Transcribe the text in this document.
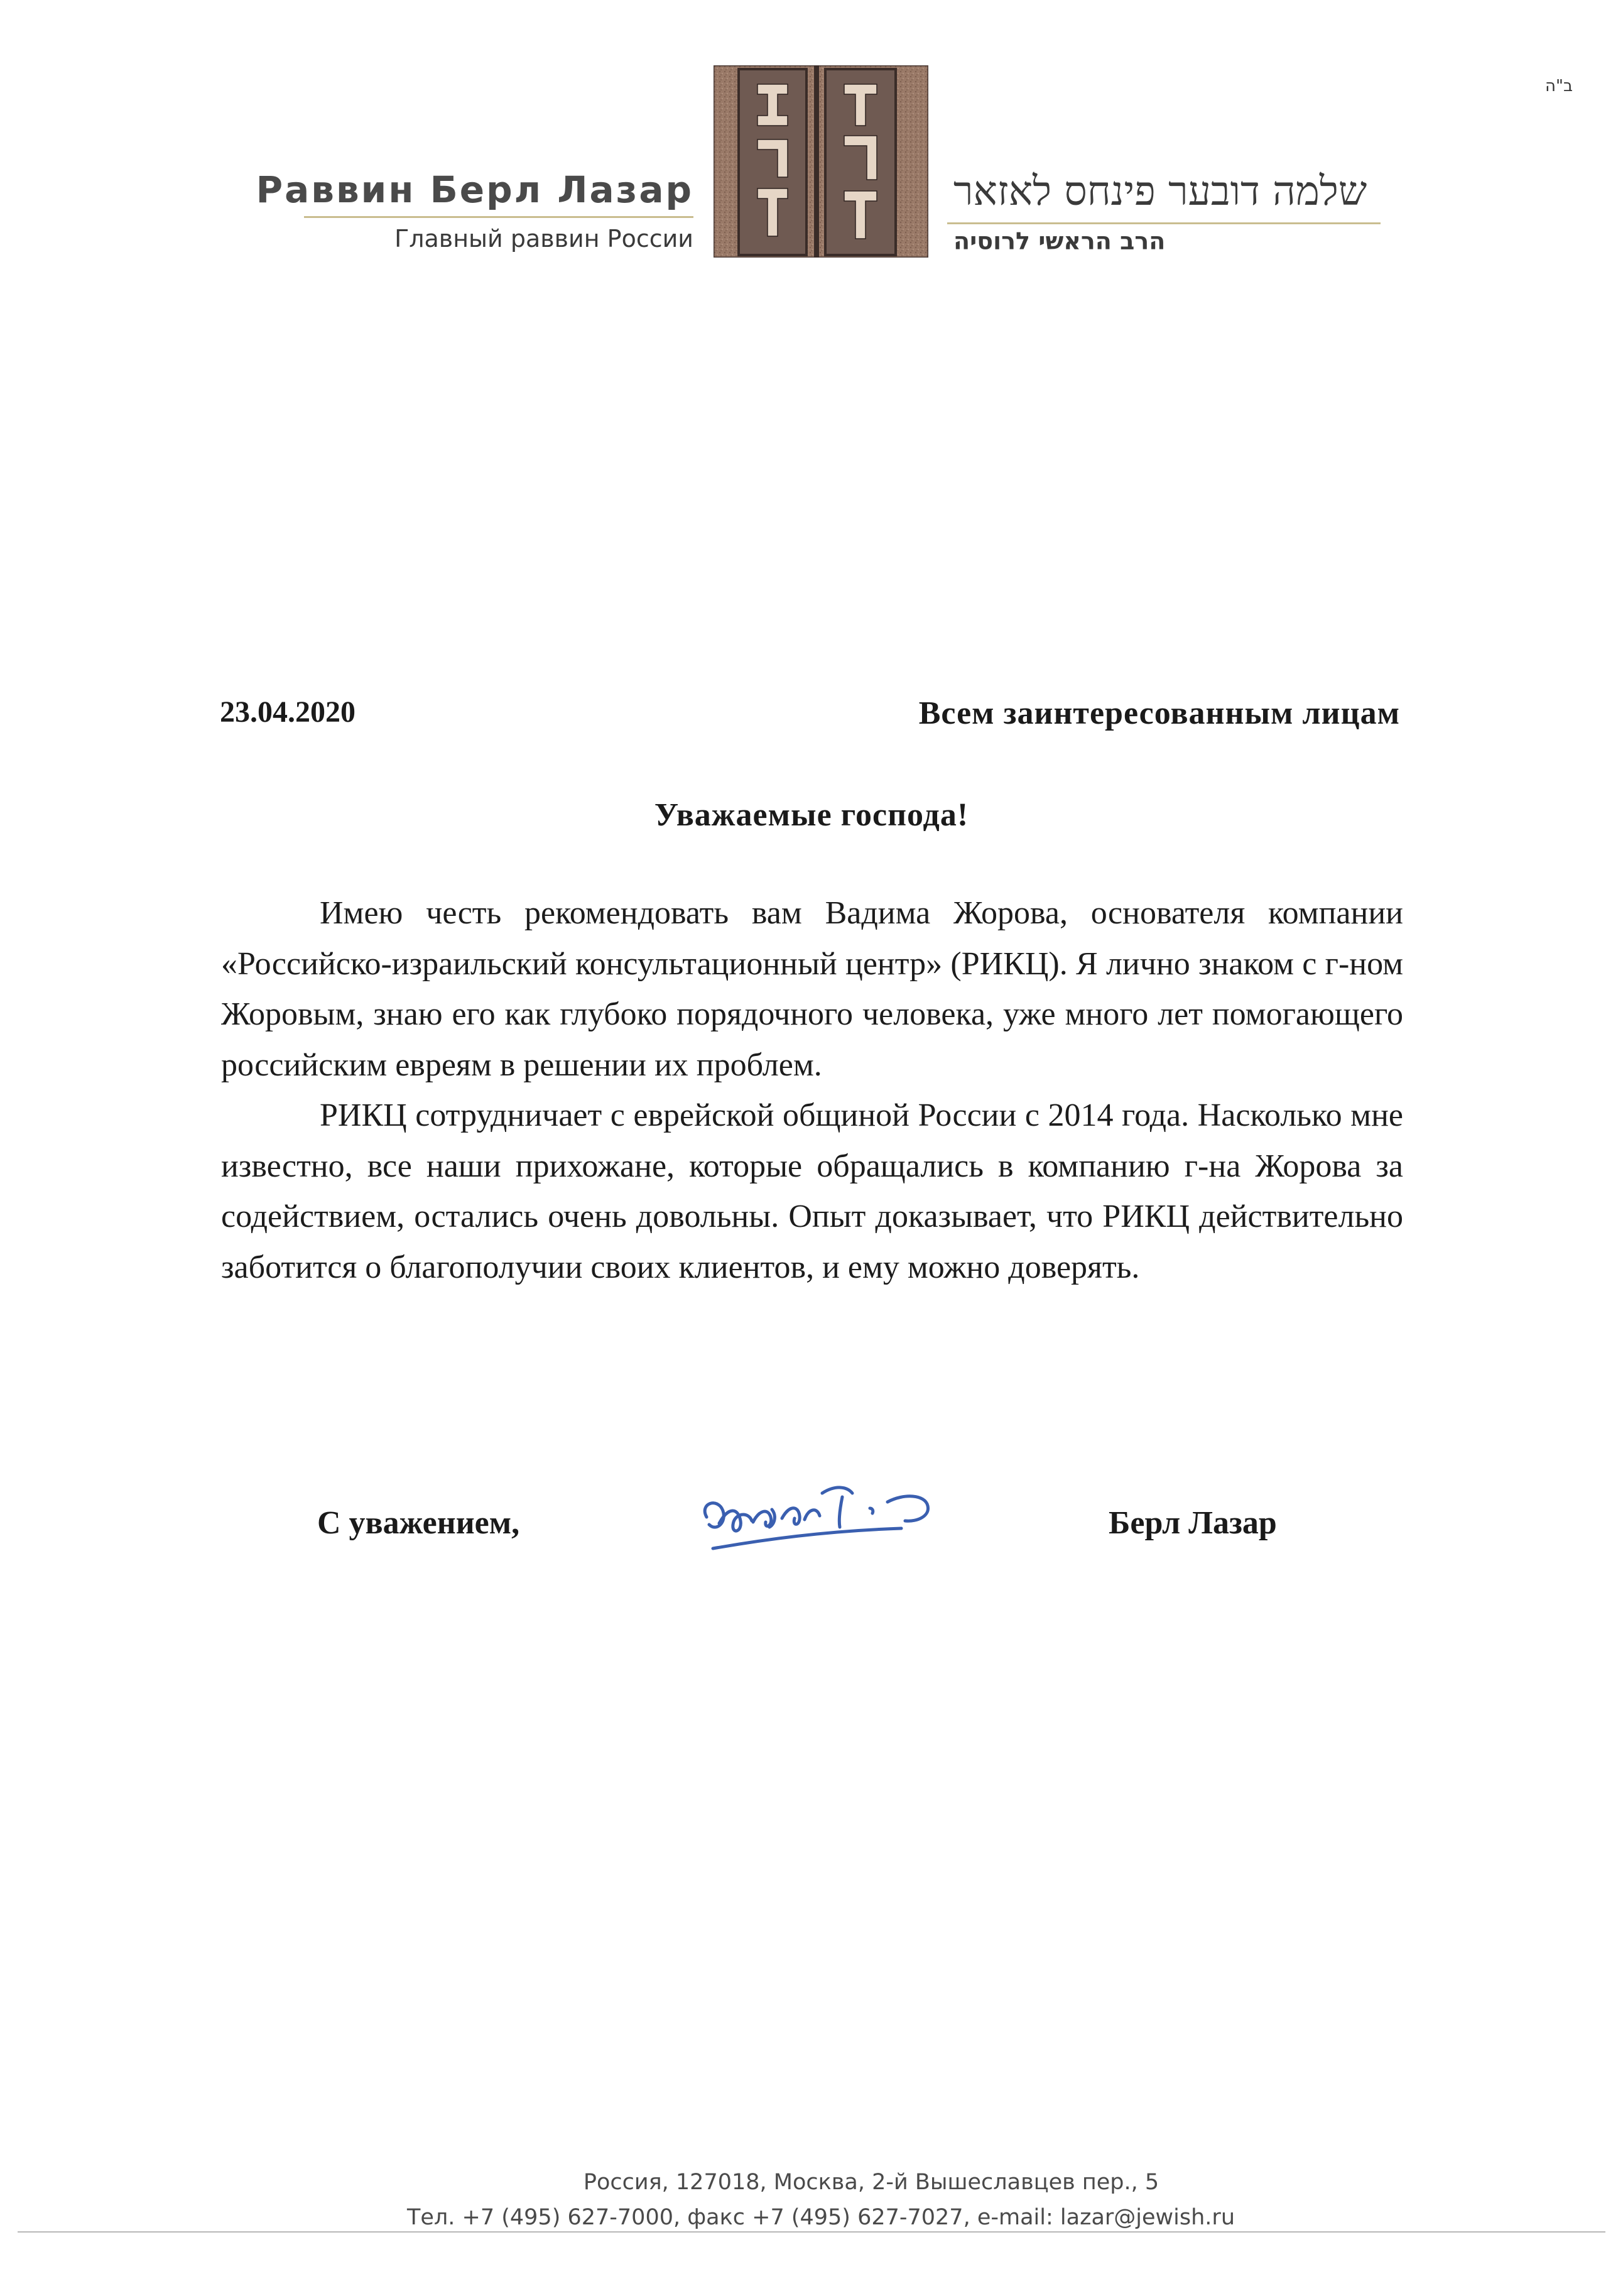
ב"ה
Раввин Берл Лазар
Главный раввин России
שלמה דובער פינחס לאזאר
הרב הראשי לרוסיה
23.04.2020	Всем заинтересованным лицам
Уважаемые господа!

Имею честь рекомендовать вам Вадима Жорова, основателя компании «Российско-израильский консультационный центр» (РИКЦ). Я лично знаком с г-ном Жоровым, знаю его как глубоко порядочного человека, уже много лет помогающего российским евреям в решении их проблем.

РИКЦ сотрудничает с еврейской общиной России с 2014 года. Насколько мне известно, все наши прихожане, которые обращались в компанию г-на Жорова за содействием, остались очень довольны. Опыт доказывает, что РИКЦ действительно заботится о благополучии своих клиентов, и ему можно доверять.

С уважением,	Берл Лазар
Россия, 127018, Москва, 2-й Вышеславцев пер., 5
Тел. +7 (495) 627-7000, факс +7 (495) 627-7027, e-mail: lazar@jewish.ru
